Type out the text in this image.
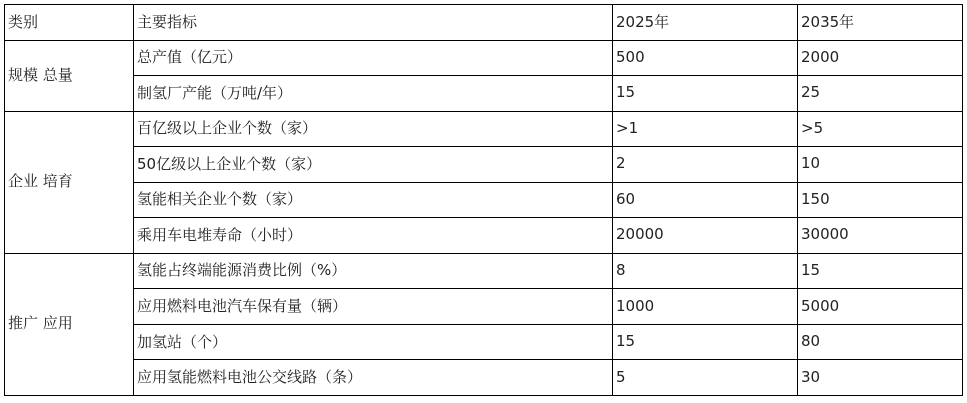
类别	主要指标	2025年	2035年
规模 总量	总产值（亿元）	500	2000
	制氢厂产能（万吨/年）	15	25
企业 培育	百亿级以上企业个数（家）	>1	>5
	50亿级以上企业个数（家）	2	10
	氢能相关企业个数（家）	60	150
	乘用车电堆寿命（小时）	20000	30000
推广 应用	氢能占终端能源消费比例（%）	8	15
	应用燃料电池汽车保有量（辆）	1000	5000
	加氢站（个）	15	80
	应用氢能燃料电池公交线路（条）	5	30
